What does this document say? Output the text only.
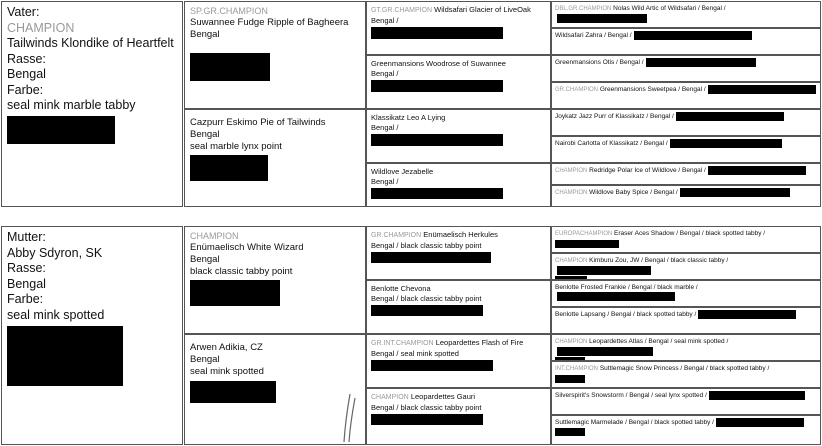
Vater:
CHAMPION
Tailwinds Klondike of Heartfelt
Rasse:
Bengal
Farbe:
seal mink marble tabby
Mutter:
Abby Sdyron, SK
Rasse:
Bengal
Farbe:
seal mink spotted
SP.GR.CHAMPION
Suwannee Fudge Ripple of Bagheera
Bengal
Cazpurr Eskimo Pie of Tailwinds
Bengal
seal marble lynx point
CHAMPION
Enümaelisch White Wizard
Bengal
black classic tabby point
Arwen Adikia, CZ
Bengal
seal mink spotted
GT.GR.CHAMPION Wildsafari Glacier of LiveOak
Bengal /
Greenmansions Woodrose of Suwannee
Bengal /
Klassikatz Leo A Lying
Bengal /
Wildlove Jezabelle
Bengal /
GR.CHAMPION Enümaelisch Herkules
Bengal / black classic tabby point
Benlotte Chevona
Bengal / black classic tabby point
GR.INT.CHAMPION Leopardettes Flash of Fire
Bengal / seal mink spotted
CHAMPION Leopardettes Gauri
Bengal / black classic tabby point
DBL.GR.CHAMPION Nolas Wild Artic of Wildsafari / Bengal /
Wildsafari Zahra / Bengal /
Greenmansions Otis / Bengal /
GR.CHAMPION Greenmansions Sweetpea / Bengal /
Joykatz Jazz Purr of Klassikatz / Bengal /
Nairobi Carlotta of Klassikatz / Bengal /
CHAMPION Redridge Polar Ice of Wildlove / Bengal /
CHAMPION Wildlove Baby Spice / Bengal /
EUROPACHAMPION Eraser Aces Shadow / Bengal / black spotted tabby /
CHAMPION Kimburu Zou, JW / Bengal / black classic tabby /
Benlotte Frosted Frankie / Bengal / black marble /
Benlotte Lapsang / Bengal / black spotted tabby /
CHAMPION Leopardettes Atlas / Bengal / seal mink spotted /
INT.CHAMPION Suttlemagic Snow Princess / Bengal / black spotted tabby /
Silverspirit's Snowstorm / Bengal / seal lynx spotted /
Suttlemagic Marmelade / Bengal / black spotted tabby /
